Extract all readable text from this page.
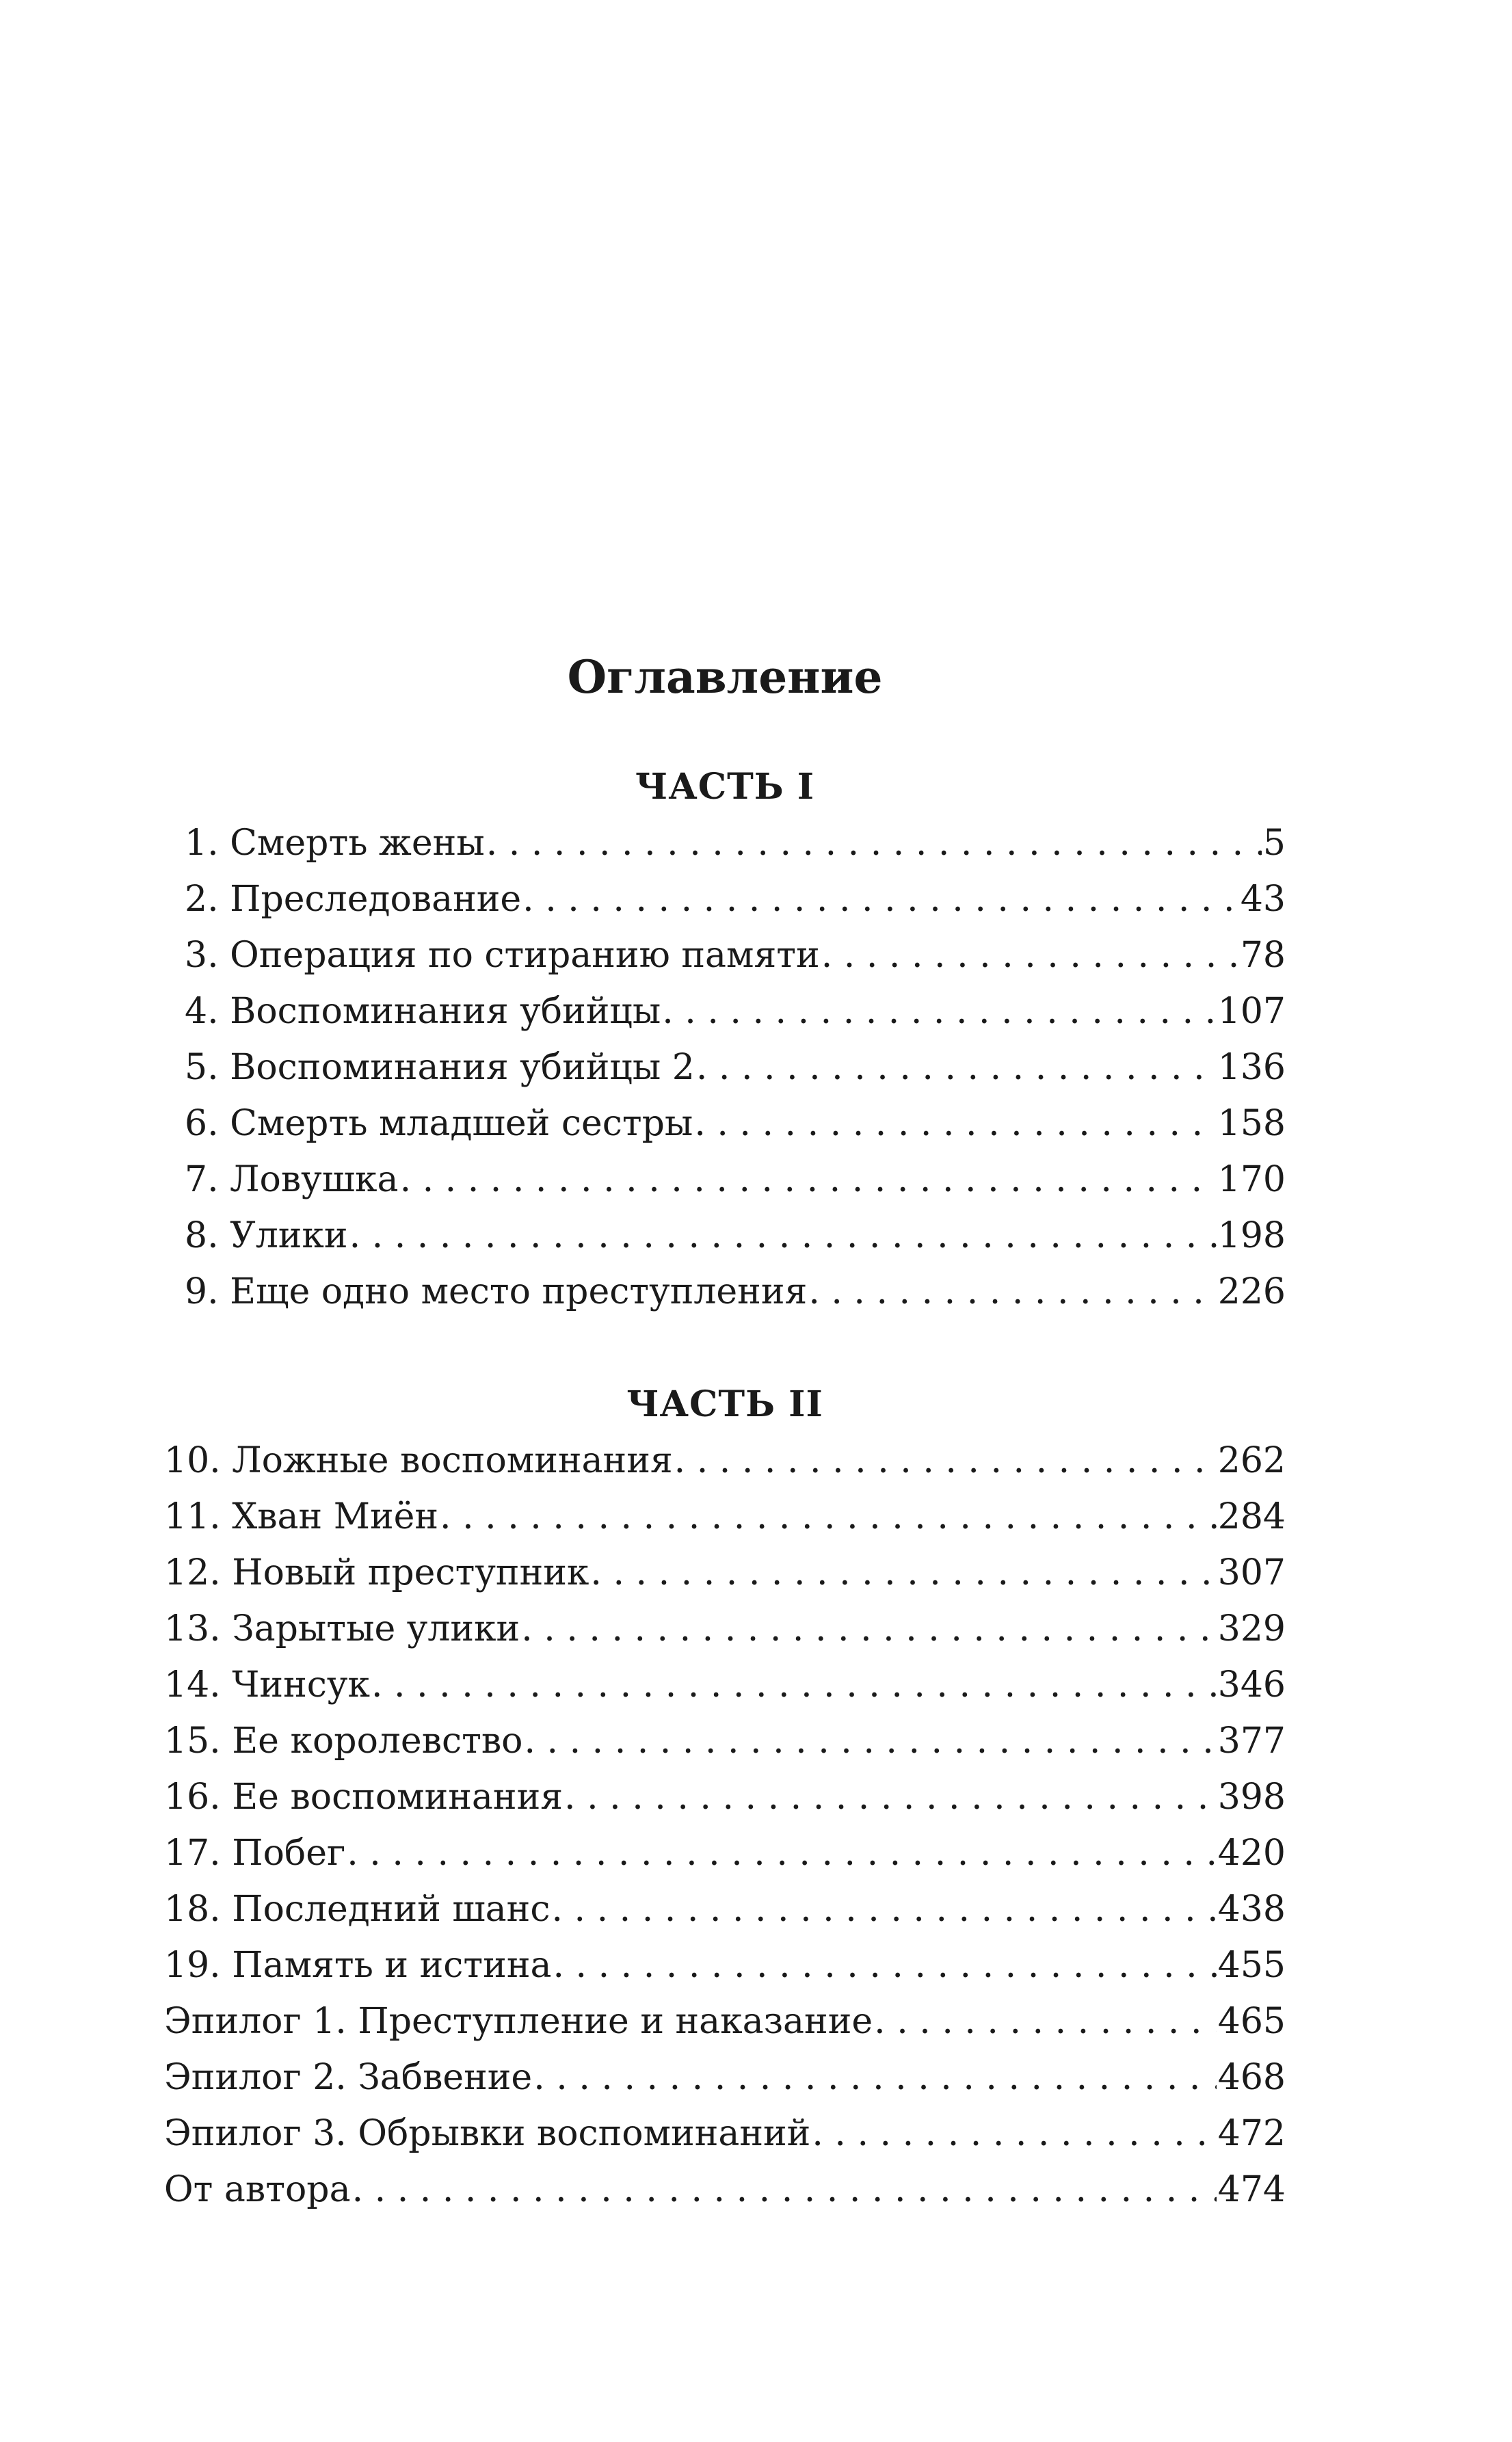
Оглавление
ЧАСТЬ I
1. Смерть жены . . .	5
2. Преследование . . .	43
3. Операция по стиранию памяти . . .	78
4. Воспоминания убийцы . . .	107
5. Воспоминания убийцы 2 . . .	136
6. Смерть младшей сестры . . .	158
7. Ловушка . . .	170
8. Улики . . .	198
9. Еще одно место преступления . . .	226
ЧАСТЬ II
10. Ложные воспоминания . . .	262
11. Хван Миён . . .	284
12. Новый преступник . . .	307
13. Зарытые улики . . .	329
14. Чинсук . . .	346
15. Ее королевство . . .	377
16. Ее воспоминания . . .	398
17. Побег . . .	420
18. Последний шанс . . .	438
19. Память и истина . . .	455
Эпилог 1. Преступление и наказание . . .	465
Эпилог 2. Забвение . . .	468
Эпилог 3. Обрывки воспоминаний . . .	472
От автора . . .	474
